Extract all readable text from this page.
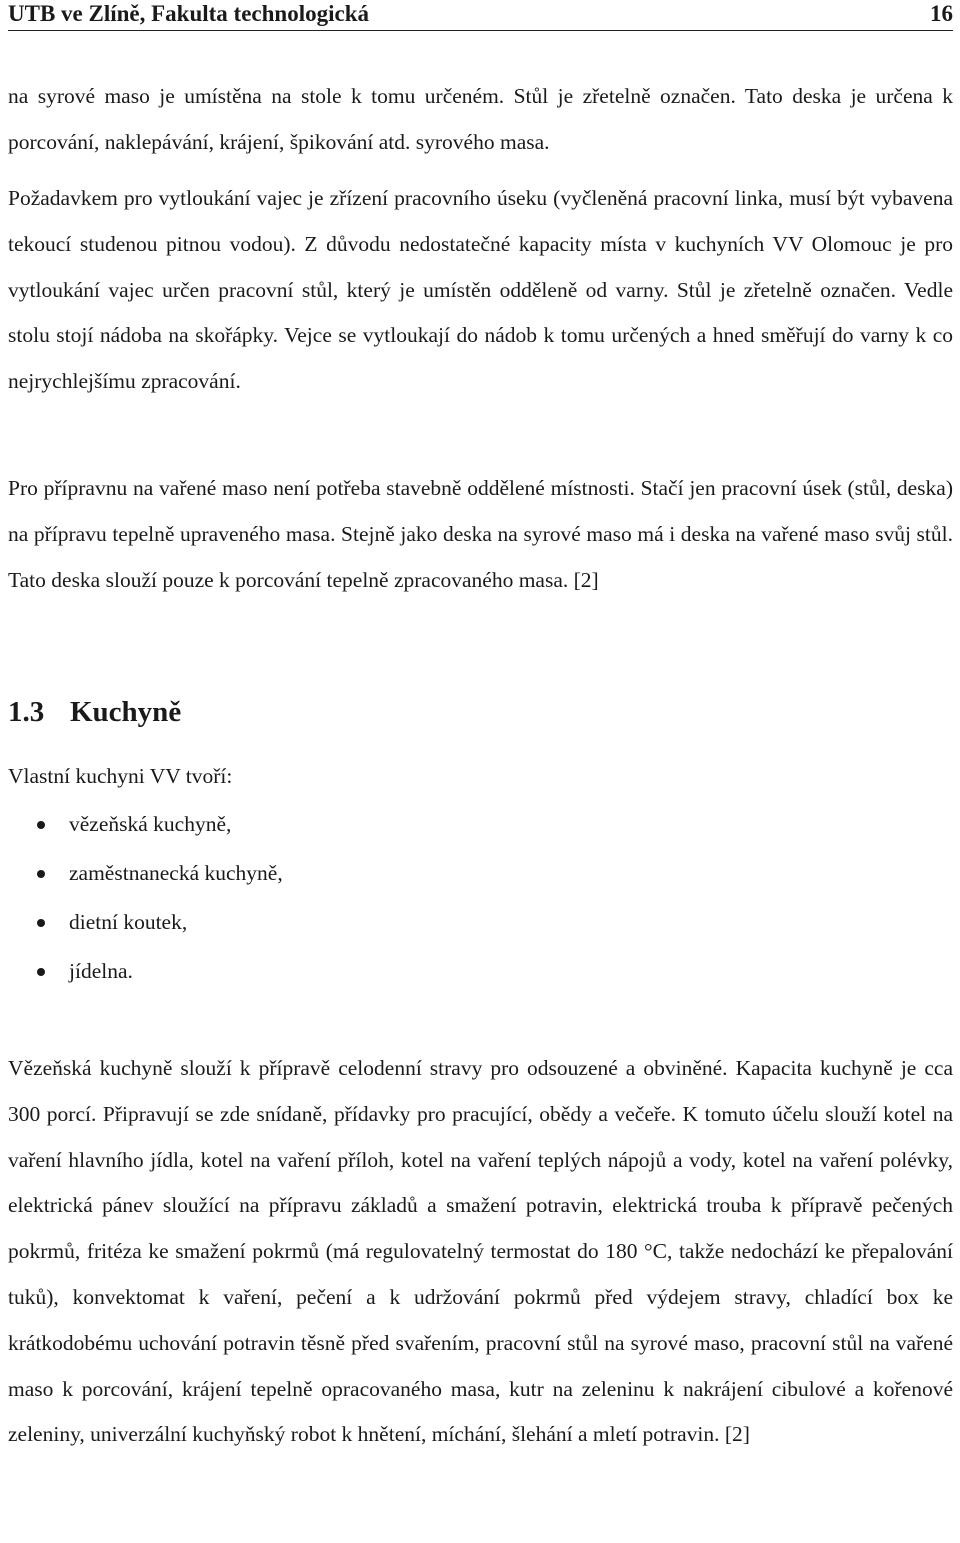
UTB ve Zlíně, Fakulta technologická	16

na syrové maso je umístěna na stole k tomu určeném. Stůl je zřetelně označen. Tato deska je určena k porcování, naklepávání, krájení, špikování atd. syrového masa.

Požadavkem pro vytloukání vajec je zřízení pracovního úseku (vyčleněná pracovní linka, musí být vybavena tekoucí studenou pitnou vodou). Z důvodu nedostatečné kapacity místa v kuchyních VV Olomouc je pro vytloukání vajec určen pracovní stůl, který je umístěn odděleně od varny. Stůl je zřetelně označen. Vedle stolu stojí nádoba na skořápky. Vejce se vytloukají do nádob k tomu určených a hned směřují do varny k co nejrychlejšímu zpracování.

Pro přípravnu na vařené maso není potřeba stavebně oddělené místnosti. Stačí jen pracovní úsek (stůl, deska) na přípravu tepelně upraveného masa. Stejně jako deska na syrové maso má i deska na vařené maso svůj stůl. Tato deska slouží pouze k porcování tepelně zpracovaného masa. [2]

1.3 Kuchyně

Vlastní kuchyni VV tvoří:

vězeňská kuchyně,
zaměstnanecká kuchyně,
dietní koutek,
jídelna.

Vězeňská kuchyně slouží k přípravě celodenní stravy pro odsouzené a obviněné. Kapacita kuchyně je cca 300 porcí. Připravují se zde snídaně, přídavky pro pracující, obědy a večeře. K tomuto účelu slouží kotel na vaření hlavního jídla, kotel na vaření příloh, kotel na vaření teplých nápojů a vody, kotel na vaření polévky, elektrická pánev sloužící na přípravu základů a smažení potravin, elektrická trouba k přípravě pečených pokrmů, fritéza ke smažení pokrmů (má regulovatelný termostat do 180 °C, takže nedochází ke přepalování tuků), konvektomat k vaření, pečení a k udržování pokrmů před výdejem stravy, chladící box ke krátkodobému uchování potravin těsně před svařením, pracovní stůl na syrové maso, pracovní stůl na vařené maso k porcování, krájení tepelně opracovaného masa, kutr na zeleninu k nakrájení cibulové a kořenové zeleniny, univerzální kuchyňský robot k hnětení, míchání, šlehání a mletí potravin. [2]
